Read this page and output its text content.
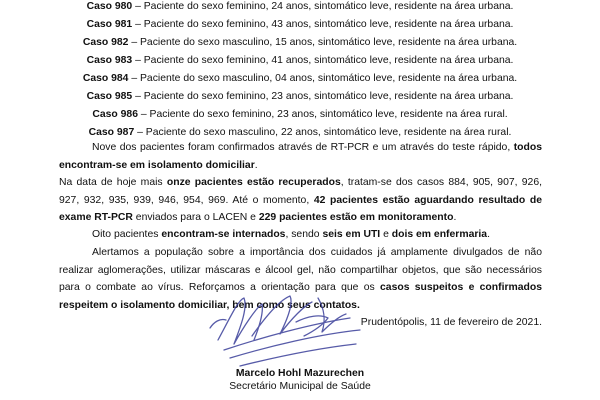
Caso 980 – Paciente do sexo feminino, 24 anos, sintomático leve, residente na área urbana.
Caso 981 – Paciente do sexo feminino, 43 anos, sintomático leve, residente na área urbana.
Caso 982 – Paciente do sexo masculino, 15 anos, sintomático leve, residente na área urbana.
Caso 983 – Paciente do sexo feminino, 41 anos, sintomático leve, residente na área urbana.
Caso 984 – Paciente do sexo masculino, 04 anos, sintomático leve, residente na área urbana.
Caso 985 – Paciente do sexo feminino, 23 anos, sintomático leve, residente na área urbana.
Caso 986 – Paciente do sexo feminino, 23 anos, sintomático leve, residente na área rural.
Caso 987 – Paciente do sexo masculino, 22 anos, sintomático leve, residente na área rural.
Nove dos pacientes foram confirmados através de RT-PCR e um através do teste rápido, todos encontram-se em isolamento domiciliar.
Na data de hoje mais onze pacientes estão recuperados, tratam-se dos casos 884, 905, 907, 926, 927, 932, 935, 939, 946, 954, 969. Até o momento, 42 pacientes estão aguardando resultado de exame RT-PCR enviados para o LACEN e 229 pacientes estão em monitoramento.
Oito pacientes encontram-se internados, sendo seis em UTI e dois em enfermaria.
Alertamos a população sobre a importância dos cuidados já amplamente divulgados de não realizar aglomerações, utilizar máscaras e álcool gel, não compartilhar objetos, que são necessários para o combate ao vírus. Reforçamos a orientação para que os casos suspeitos e confirmados respeitem o isolamento domiciliar, bem como seus contatos.
Prudentópolis, 11 de fevereiro de 2021.
Marcelo Hohl Mazurechen
Secretário Municipal de Saúde
